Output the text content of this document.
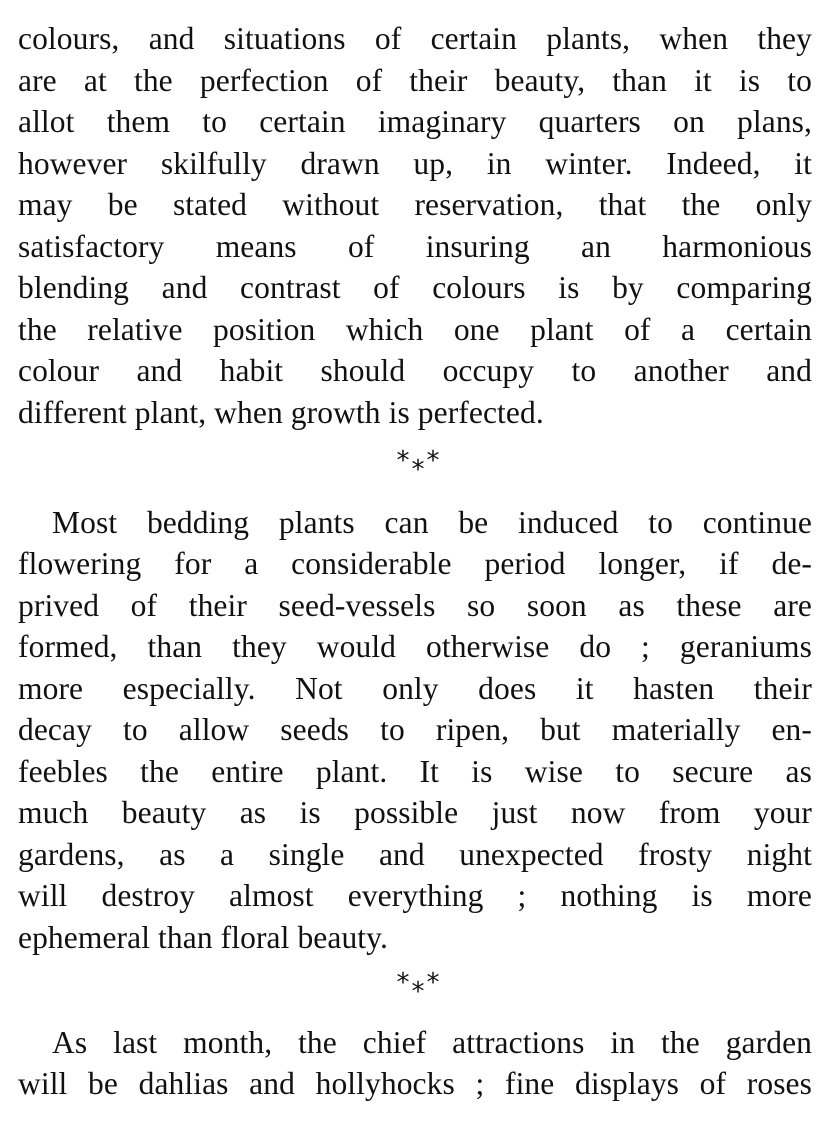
colours, and situations of certain plants, when they
are at the perfection of their beauty, than it is to
allot them to certain imaginary quarters on plans,
however skilfully drawn up, in winter. Indeed, it
may be stated without reservation, that the only
satisfactory means of insuring an harmonious
blending and contrast of colours is by comparing
the relative position which one plant of a certain
colour and habit should occupy to another and
different plant, when growth is perfected.
***
Most bedding plants can be induced to continue
flowering for a considerable period longer, if de-
prived of their seed-vessels so soon as these are
formed, than they would otherwise do ; geraniums
more especially. Not only does it hasten their
decay to allow seeds to ripen, but materially en-
feebles the entire plant. It is wise to secure as
much beauty as is possible just now from your
gardens, as a single and unexpected frosty night
will destroy almost everything ; nothing is more
ephemeral than floral beauty.
***
As last month, the chief attractions in the garden
will be dahlias and hollyhocks ; fine displays of roses
